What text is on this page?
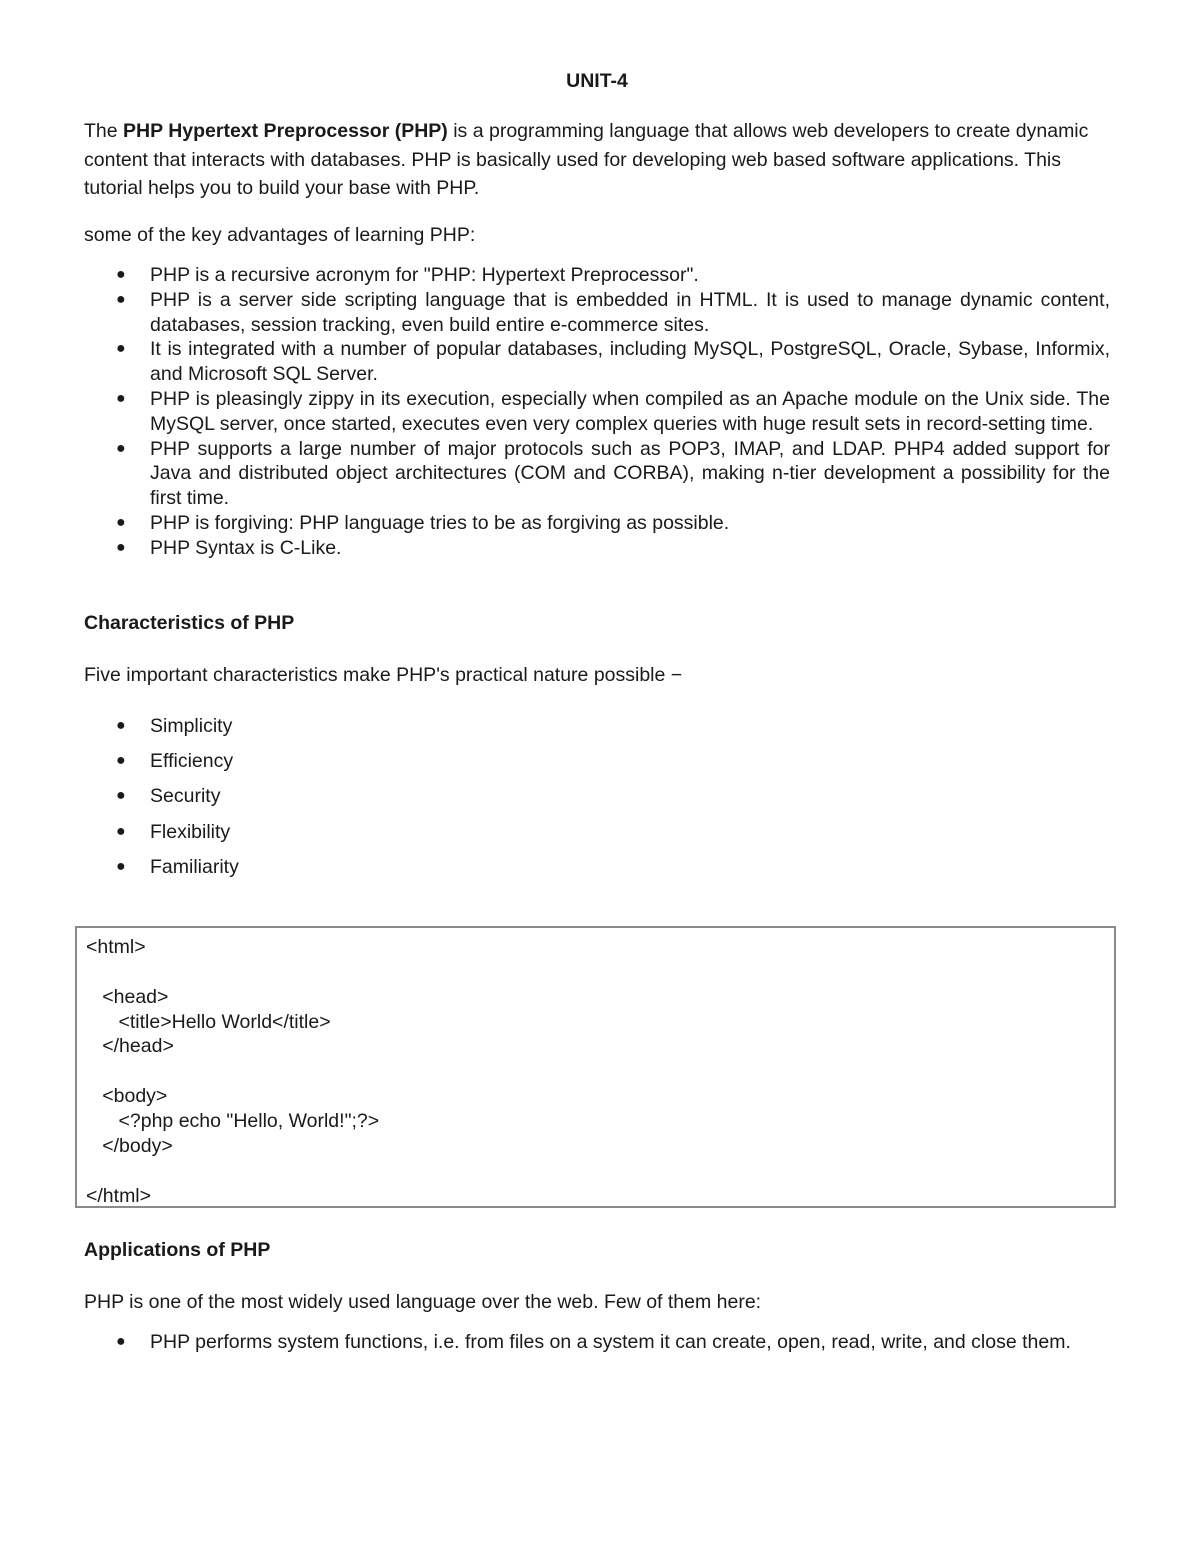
UNIT-4
The PHP Hypertext Preprocessor (PHP) is a programming language that allows web developers to create dynamic content that interacts with databases. PHP is basically used for developing web based software applications. This tutorial helps you to build your base with PHP.
some of the key advantages of learning PHP:
● PHP is a recursive acronym for "PHP: Hypertext Preprocessor".
● PHP is a server side scripting language that is embedded in HTML. It is used to manage dynamic content, databases, session tracking, even build entire e-commerce sites.
● It is integrated with a number of popular databases, including MySQL, PostgreSQL, Oracle, Sybase, Informix, and Microsoft SQL Server.
● PHP is pleasingly zippy in its execution, especially when compiled as an Apache module on the Unix side. The MySQL server, once started, executes even very complex queries with huge result sets in record-setting time.
● PHP supports a large number of major protocols such as POP3, IMAP, and LDAP. PHP4 added support for Java and distributed object architectures (COM and CORBA), making n-tier development a possibility for the first time.
● PHP is forgiving: PHP language tries to be as forgiving as possible.
● PHP Syntax is C-Like.
Characteristics of PHP
Five important characteristics make PHP's practical nature possible −
● Simplicity
● Efficiency
● Security
● Flexibility
● Familiarity
<html>
<head>
<title>Hello World</title>
</head>
<body>
<?php echo "Hello, World!";?>
</body>
</html>
Applications of PHP
PHP is one of the most widely used language over the web. Few of them here:
● PHP performs system functions, i.e. from files on a system it can create, open, read, write, and close them.
